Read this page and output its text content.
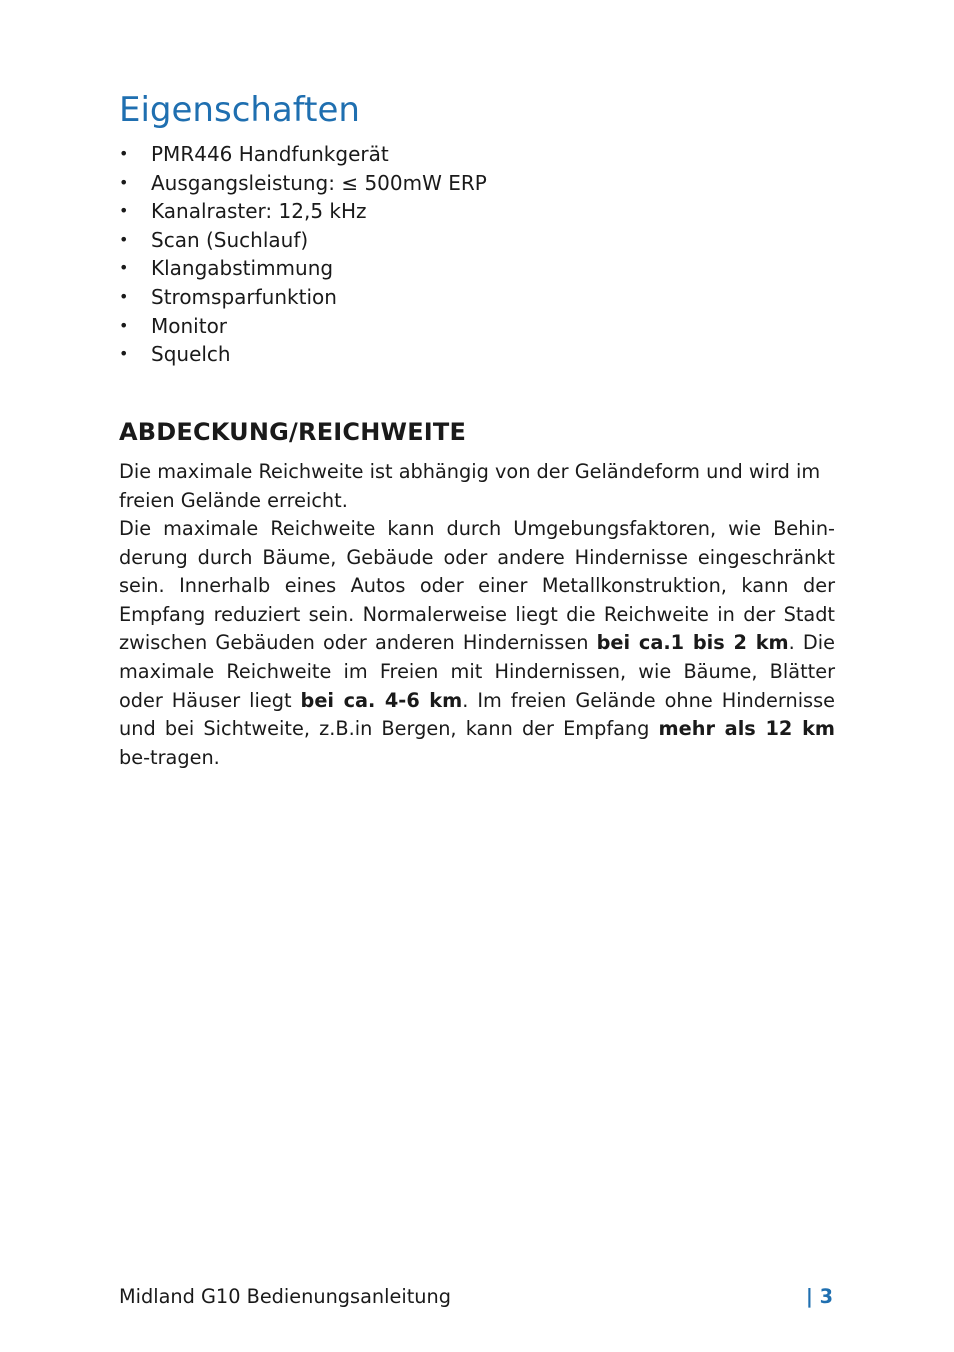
Eigenschaften
•	PMR446 Handfunkgerät
•	Ausgangsleistung: ≤ 500mW ERP
•	Kanalraster: 12,5 kHz
•	Scan (Suchlauf)
•	Klangabstimmung
•	Stromsparfunktion
•	Monitor
•	Squelch
ABDECKUNG/REICHWEITE

Die maximale Reichweite ist abhängig von der Geländeform und wird im freien Gelände erreicht.

Die maximale Reichweite kann durch Umgebungsfaktoren, wie Behin-derung durch Bäume, Gebäude oder andere Hindernisse eingeschränkt sein. Innerhalb eines Autos oder einer Metallkonstruktion, kann der Empfang reduziert sein. Normalerweise liegt die Reichweite in der Stadt zwischen Gebäuden oder anderen Hindernissen bei ca.1 bis 2 km. Die maximale Reichweite im Freien mit Hindernissen, wie Bäume, Blätter oder Häuser liegt bei ca. 4-6 km. Im freien Gelände ohne Hindernisse und bei Sichtweite, z.B.in Bergen, kann der Empfang mehr als 12 km be-tragen.

Midland G10 Bedienungsanleitung	| 3
